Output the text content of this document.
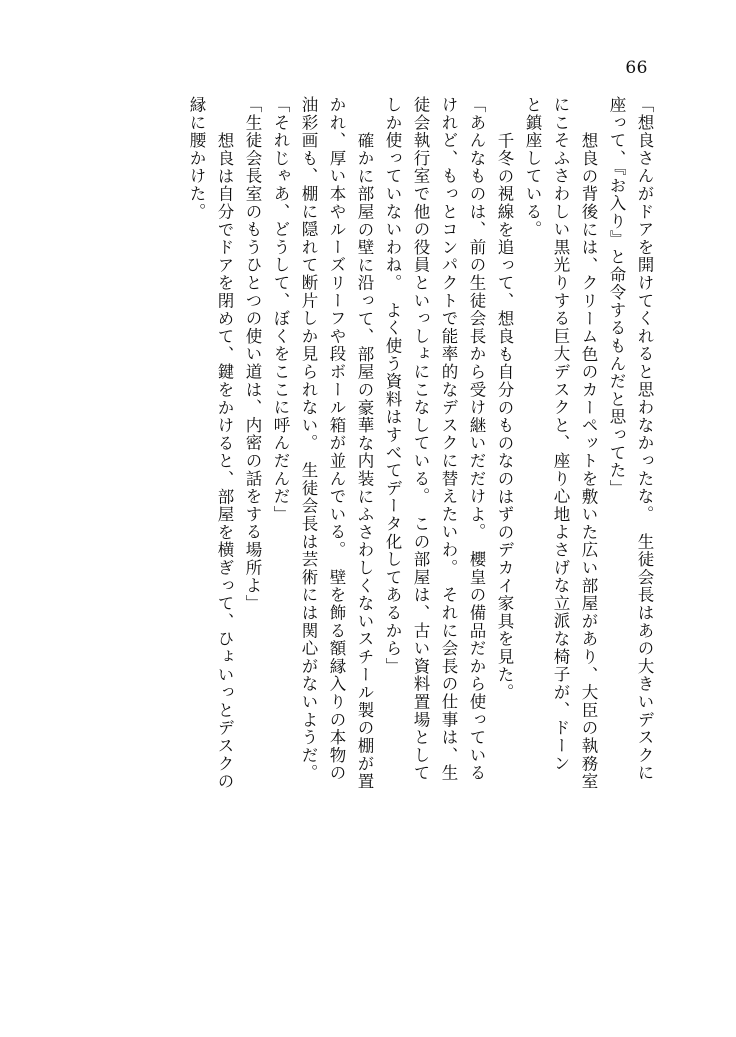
66
「想良さんがドアを開けてくれると思わなかったな。　生徒会長はあの大きいデスクに
座って、『お入り』と命令するもんだと思ってた」
　想良の背後には、クリーム色のカーペットを敷いた広い部屋があり、大臣の執務室
にこそふさわしい黒光りする巨大デスクと、座り心地よさげな立派な椅子が、ドーン
と鎮座している。
　千冬の視線を追って、想良も自分のものなのはずのデカイ家具を見た。
「あんなものは、前の生徒会長から受け継いだだけよ。　櫻皇の備品だから使っている
けれど、もっとコンパクトで能率的なデスクに替えたいわ。　それに会長の仕事は、生
徒会執行室で他の役員といっしょにこなしている。　この部屋は、古い資料置場として
しか使っていないわね。　よく使う資料はすべてデータ化してあるから」
　確かに部屋の壁に沿って、部屋の豪華な内装にふさわしくないスチール製の棚が置
かれ、厚い本やルーズリーフや段ボール箱が並んでいる。　壁を飾る額縁入りの本物の
油彩画も、棚に隠れて断片しか見られない。　生徒会長は芸術には関心がないようだ。
「それじゃあ、どうして、ぼくをここに呼んだんだ」
「生徒会長室のもうひとつの使い道は、内密の話をする場所よ」
　想良は自分でドアを閉めて、鍵をかけると、部屋を横ぎって、ひょいっとデスクの
縁に腰かけた。
